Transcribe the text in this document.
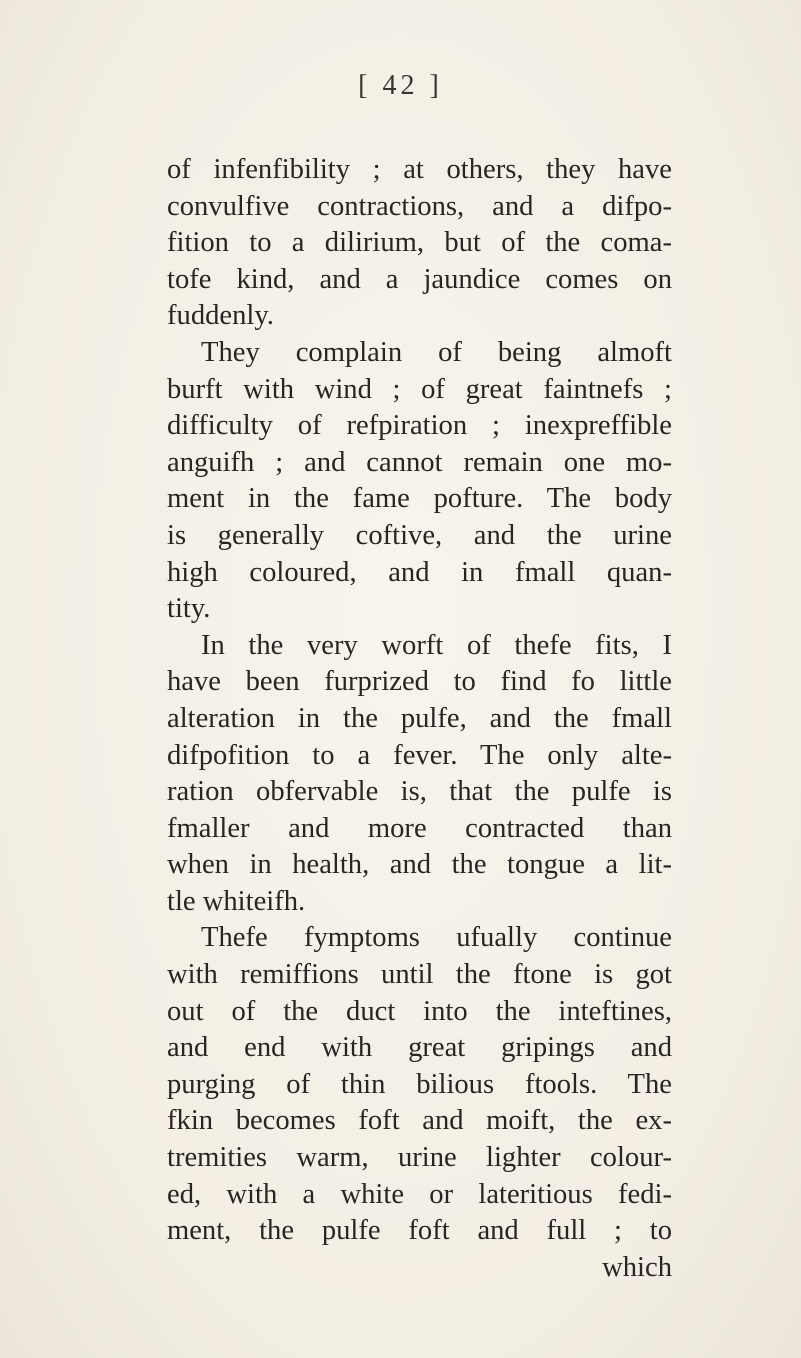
[ 42 ]
of infenfibility ; at others, they have
convulfive contractions, and a difpo-
fition to a dilirium, but of the coma-
tofe kind, and a jaundice comes on
fuddenly.
They complain of being almoft
burft with wind ; of great faintnefs ;
difficulty of refpiration ; inexpreffible
anguifh ; and cannot remain one mo-
ment in the fame pofture. The body
is generally coftive, and the urine
high coloured, and in fmall quan-
tity.
In the very worft of thefe fits, I
have been furprized to find fo little
alteration in the pulfe, and the fmall
difpofition to a fever. The only alte-
ration obfervable is, that the pulfe is
fmaller and more contracted than
when in health, and the tongue a lit-
tle whiteifh.
Thefe fymptoms ufually continue
with remiffions until the ftone is got
out of the duct into the inteftines,
and end with great gripings and
purging of thin bilious ftools. The
fkin becomes foft and moift, the ex-
tremities warm, urine lighter colour-
ed, with a white or lateritious fedi-
ment, the pulfe foft and full ; to
which
